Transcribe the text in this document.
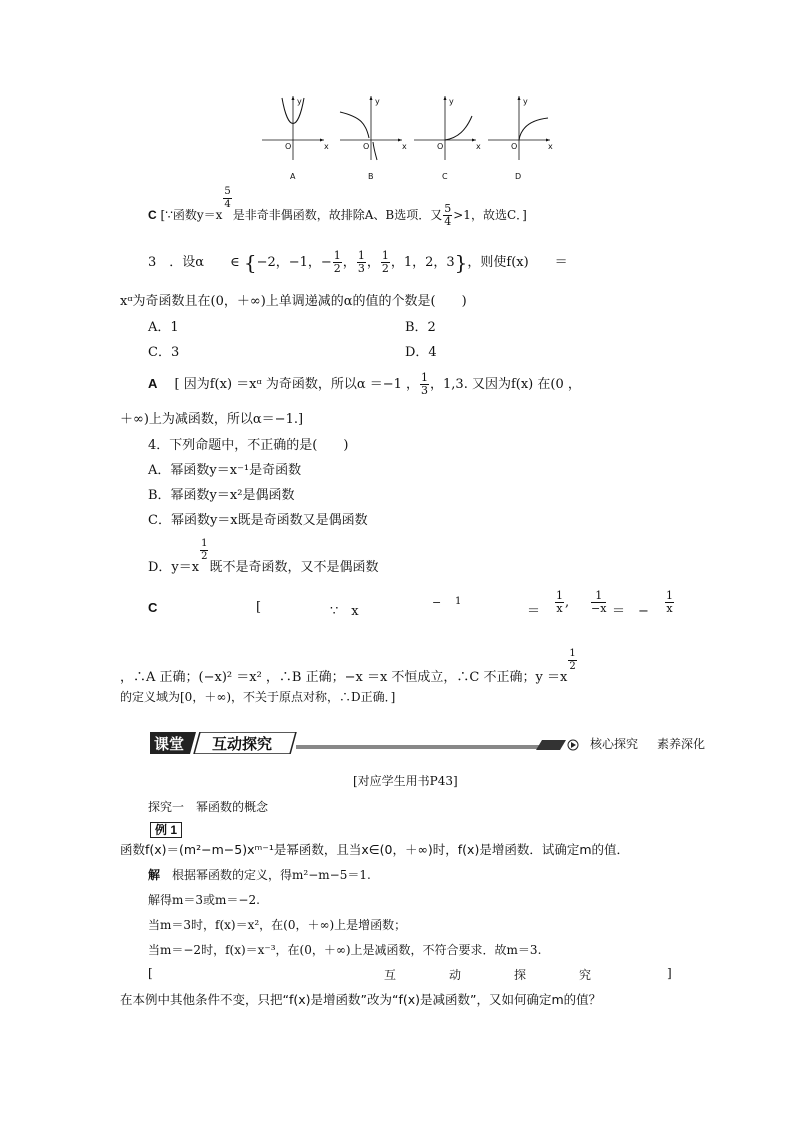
y
x
O
y
x
O
y
x
O
y
x
O
A	B	C	D
C [∵函数y＝x
$\frac{5}{4}$
是非奇非偶函数，故排除A、B选项．又 $\frac{5}{4} >1$，故选C．]
3　．设α　　∈ {−2，−1，− $\frac{1}{2}$ ， $\frac{1}{3}$ ， $\frac{1}{2}$ ，1，2，3}，则使f(x)　　＝
xᵅ为奇函数且在(0，＋∞)上单调递减的α的值的个数是(　　)
A．1	B．2
C．3	D．4
A　 [ 因为f(x) ＝xᵅ 为奇函数，所以α ＝−1 ， $\frac{1}{3}$ ，1,3. 又因为f(x) 在(0 ，
＋∞)上为减函数，所以α＝−1.]
4．下列命题中，不正确的是(　　)
A．幂函数y＝x⁻¹是奇函数
B．幂函数y＝x²是偶函数
C．幂函数y＝x既是奇函数又是偶函数
D．y＝x
$\frac{1}{2}$
既不是奇函数，又不是偶函数
C	[	∵　x
− 1
＝ $\frac{1}{x}$ , $\frac{1}{-x}$ ＝　− $\frac{1}{x}$
，∴A 正确；(−x)² ＝x² ，∴B 正确；−x ＝x 不恒成立，∴C 不正确；y ＝x
$\frac{1}{2}$
的定义域为[0，＋∞)，不关于原点对称，∴D正确．]
课堂 互动探究	核心探究 素养深化
[对应学生用书P43]
探究一　幂函数的概念
例 1
函数f(x)＝(m²−m−5)xᵐ⁻¹是幂函数，且当x∈(0，＋∞)时，f(x)是增函数．试确定m的值．
解　 根据幂函数的定义，得m²−m−5＝1.
解得m＝3或m＝−2.
当m＝3时，f(x)＝x²，在(0，＋∞)上是增函数；
当m＝−2时，f(x)＝x⁻³，在(0，＋∞)上是减函数，不符合要求．故m＝3.
[	互	动	探	究	]
在本例中其他条件不变，只把“f(x)是增函数”改为“f(x)是减函数”，又如何确定m的值？
